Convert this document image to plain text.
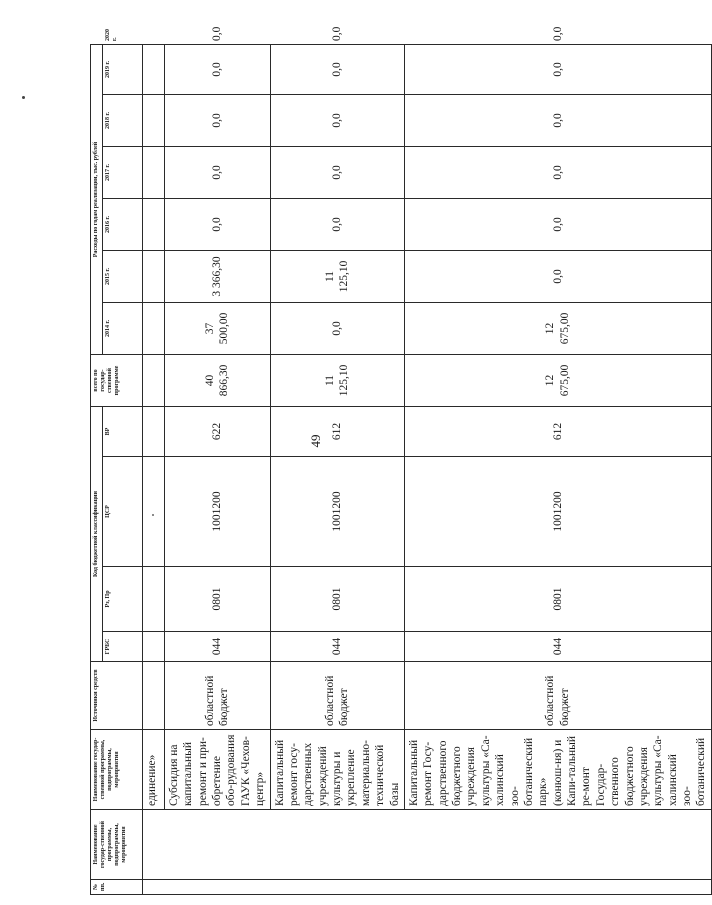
49
№ пп.	Наименование государ-ственной программы, подпрограммы, мероприятия	Наименование государ-ственной программы, подпрограммы, мероприятия	Источники средств	Код бюджетной классификации				всего по государ-ственной программе	Расходы по годам реализации, тыс. рублей						
				ГРБС	Рз, Пр	ЦСР	ВР		2014 г.	2015 г.	2016 г.	2017 г.	2018 г.	2019 г.	2020 г.
		единение»													
		Субсидия на капитальный ремонт и при-обретение обо-рудования ГАУК «Чехов-центр»	областной бюджет	044	0801	1001200	622	40 866,30	37 500,00	3 366,30	0,0	0,0	0,0	0,0	0,0
		Капитальный ремонт госу-дарственных учреждений культуры и укрепление материально-технической базы	областной бюджет	044	0801	1001200	612	11 125,10	0,0	11 125,10	0,0	0,0	0,0	0,0	0,0
		Капитальный ремонт Госу-дарственного бюджетного учреждения культуры «Са-халинский зоо-ботанический парк» (конюш-ня) и Капи-тальный ре-монт Государ-ственного бюджетного учреждения культуры «Са-халинский зоо-ботанический	областной бюджет	044	0801	1001200	612	12 675,00	12 675,00	0,0	0,0	0,0	0,0	0,0	0,0
